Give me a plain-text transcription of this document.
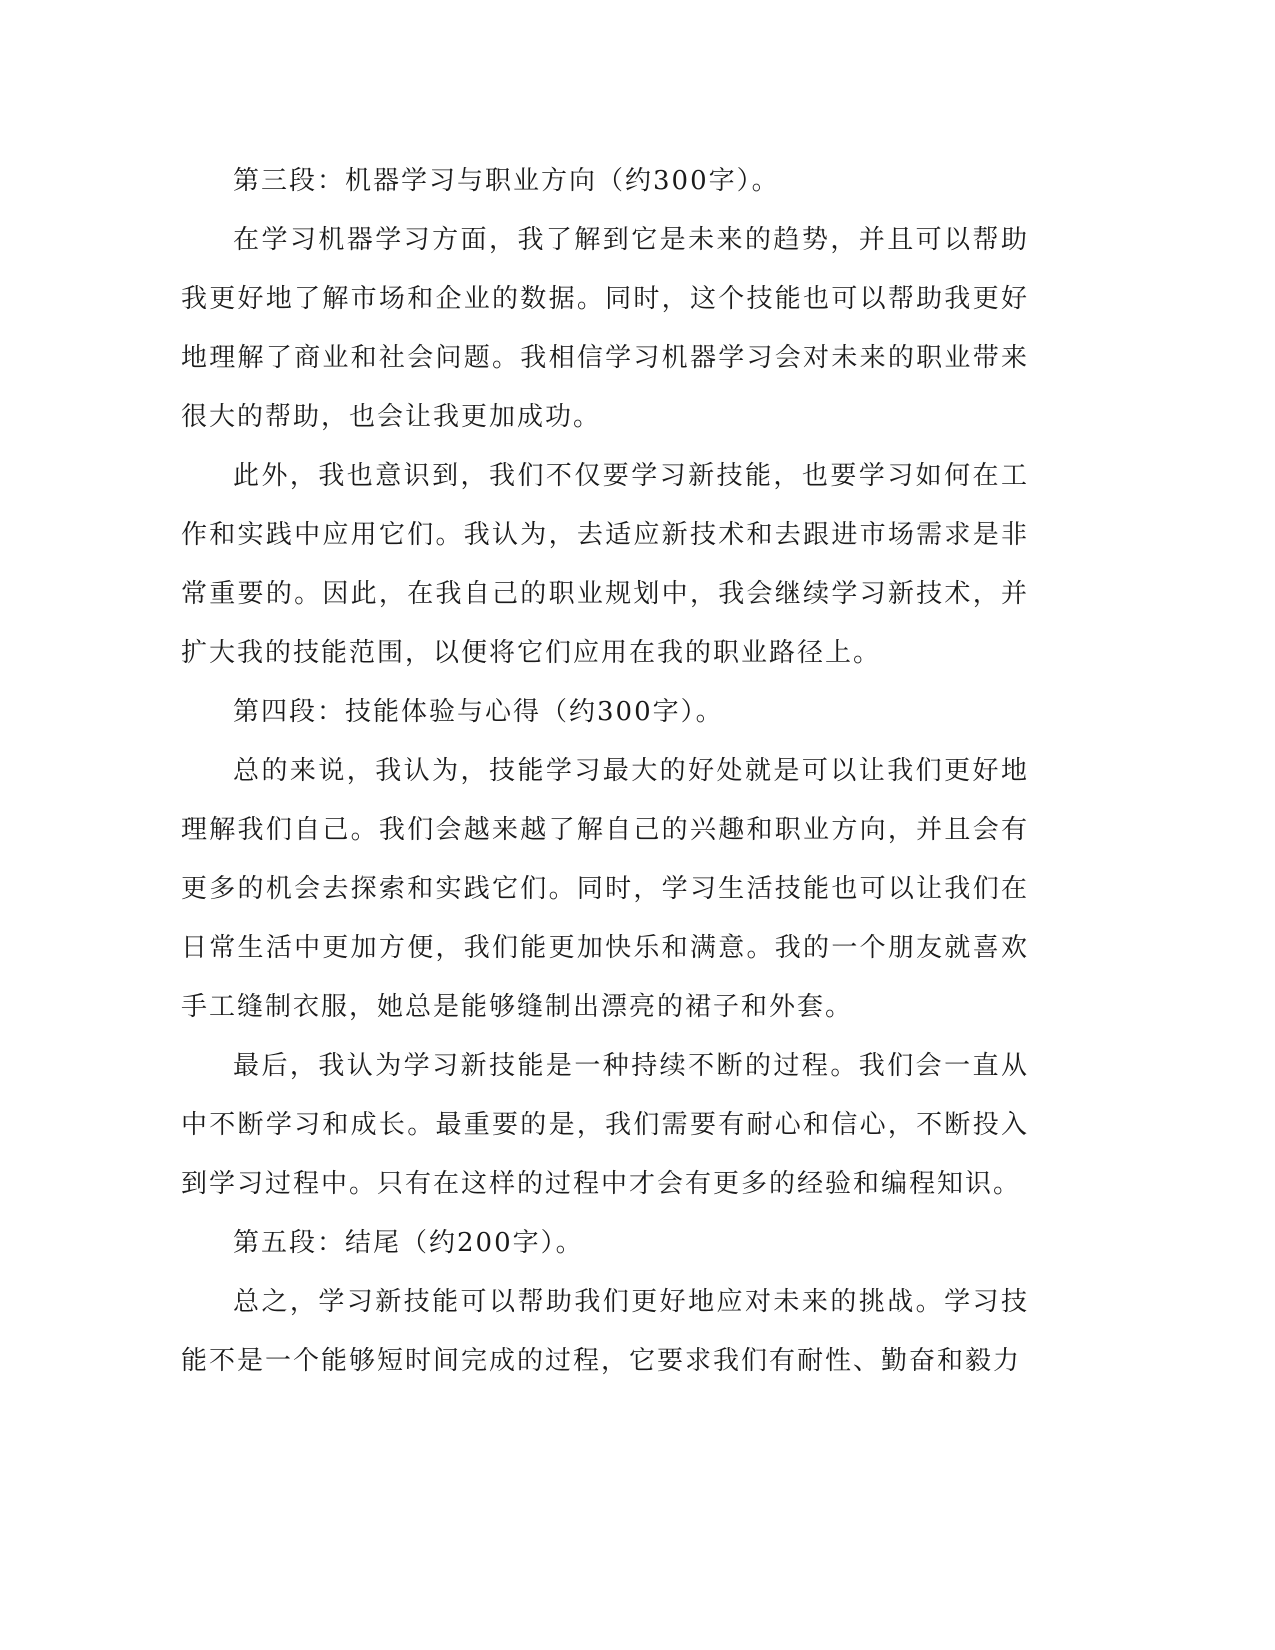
第三段：机器学习与职业方向（约300字）。

在学习机器学习方面，我了解到它是未来的趋势，并且可以帮助我更好地了解市场和企业的数据。同时，这个技能也可以帮助我更好地理解了商业和社会问题。我相信学习机器学习会对未来的职业带来很大的帮助，也会让我更加成功。

此外，我也意识到，我们不仅要学习新技能，也要学习如何在工作和实践中应用它们。我认为，去适应新技术和去跟进市场需求是非常重要的。因此，在我自己的职业规划中，我会继续学习新技术，并扩大我的技能范围，以便将它们应用在我的职业路径上。

第四段：技能体验与心得（约300字）。

总的来说，我认为，技能学习最大的好处就是可以让我们更好地理解我们自己。我们会越来越了解自己的兴趣和职业方向，并且会有更多的机会去探索和实践它们。同时，学习生活技能也可以让我们在日常生活中更加方便，我们能更加快乐和满意。我的一个朋友就喜欢手工缝制衣服，她总是能够缝制出漂亮的裙子和外套。

最后，我认为学习新技能是一种持续不断的过程。我们会一直从中不断学习和成长。最重要的是，我们需要有耐心和信心，不断投入到学习过程中。只有在这样的过程中才会有更多的经验和编程知识。

第五段：结尾（约200字）。

总之，学习新技能可以帮助我们更好地应对未来的挑战。学习技能不是一个能够短时间完成的过程，它要求我们有耐性、勤奋和毅力
